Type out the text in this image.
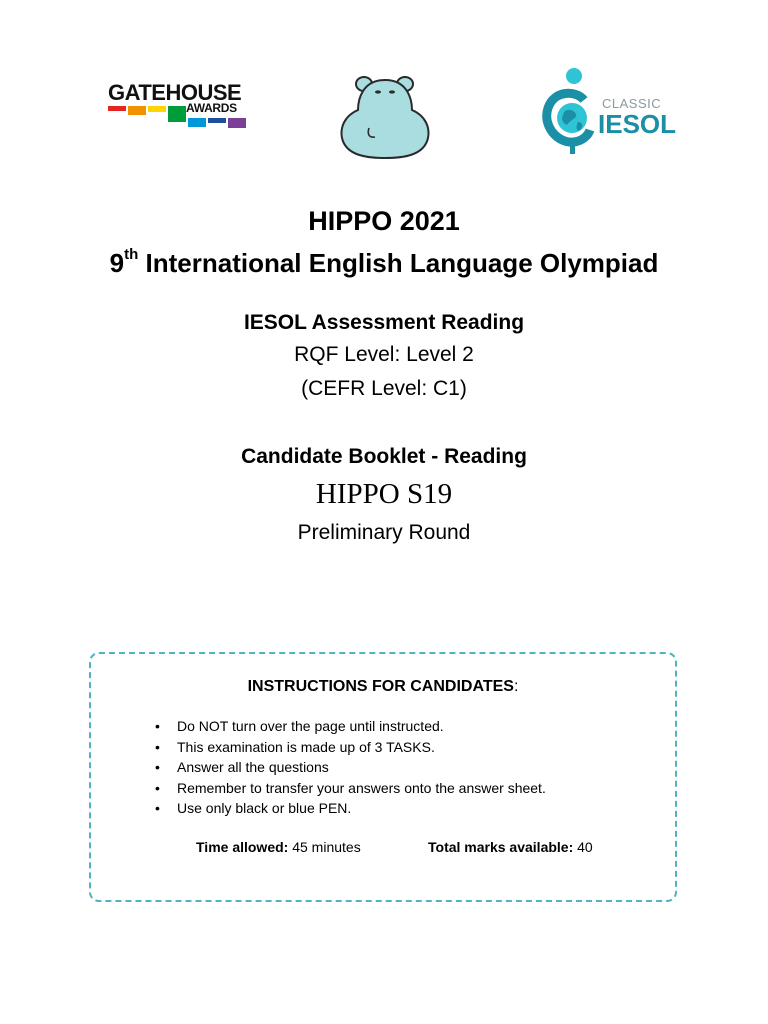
GATEHOUSE
AWARDS	CLASSIC
IESOL
HIPPO 2021
9th International English Language Olympiad
IESOL Assessment Reading
RQF Level: Level 2
(CEFR Level: C1)
Candidate Booklet - Reading
HIPPO S19
Preliminary Round
INSTRUCTIONS FOR CANDIDATES:
• Do NOT turn over the page until instructed.
• This examination is made up of 3 TASKS.
• Answer all the questions
• Remember to transfer your answers onto the answer sheet.
• Use only black or blue PEN.
Time allowed: 45 minutes	Total marks available: 40
